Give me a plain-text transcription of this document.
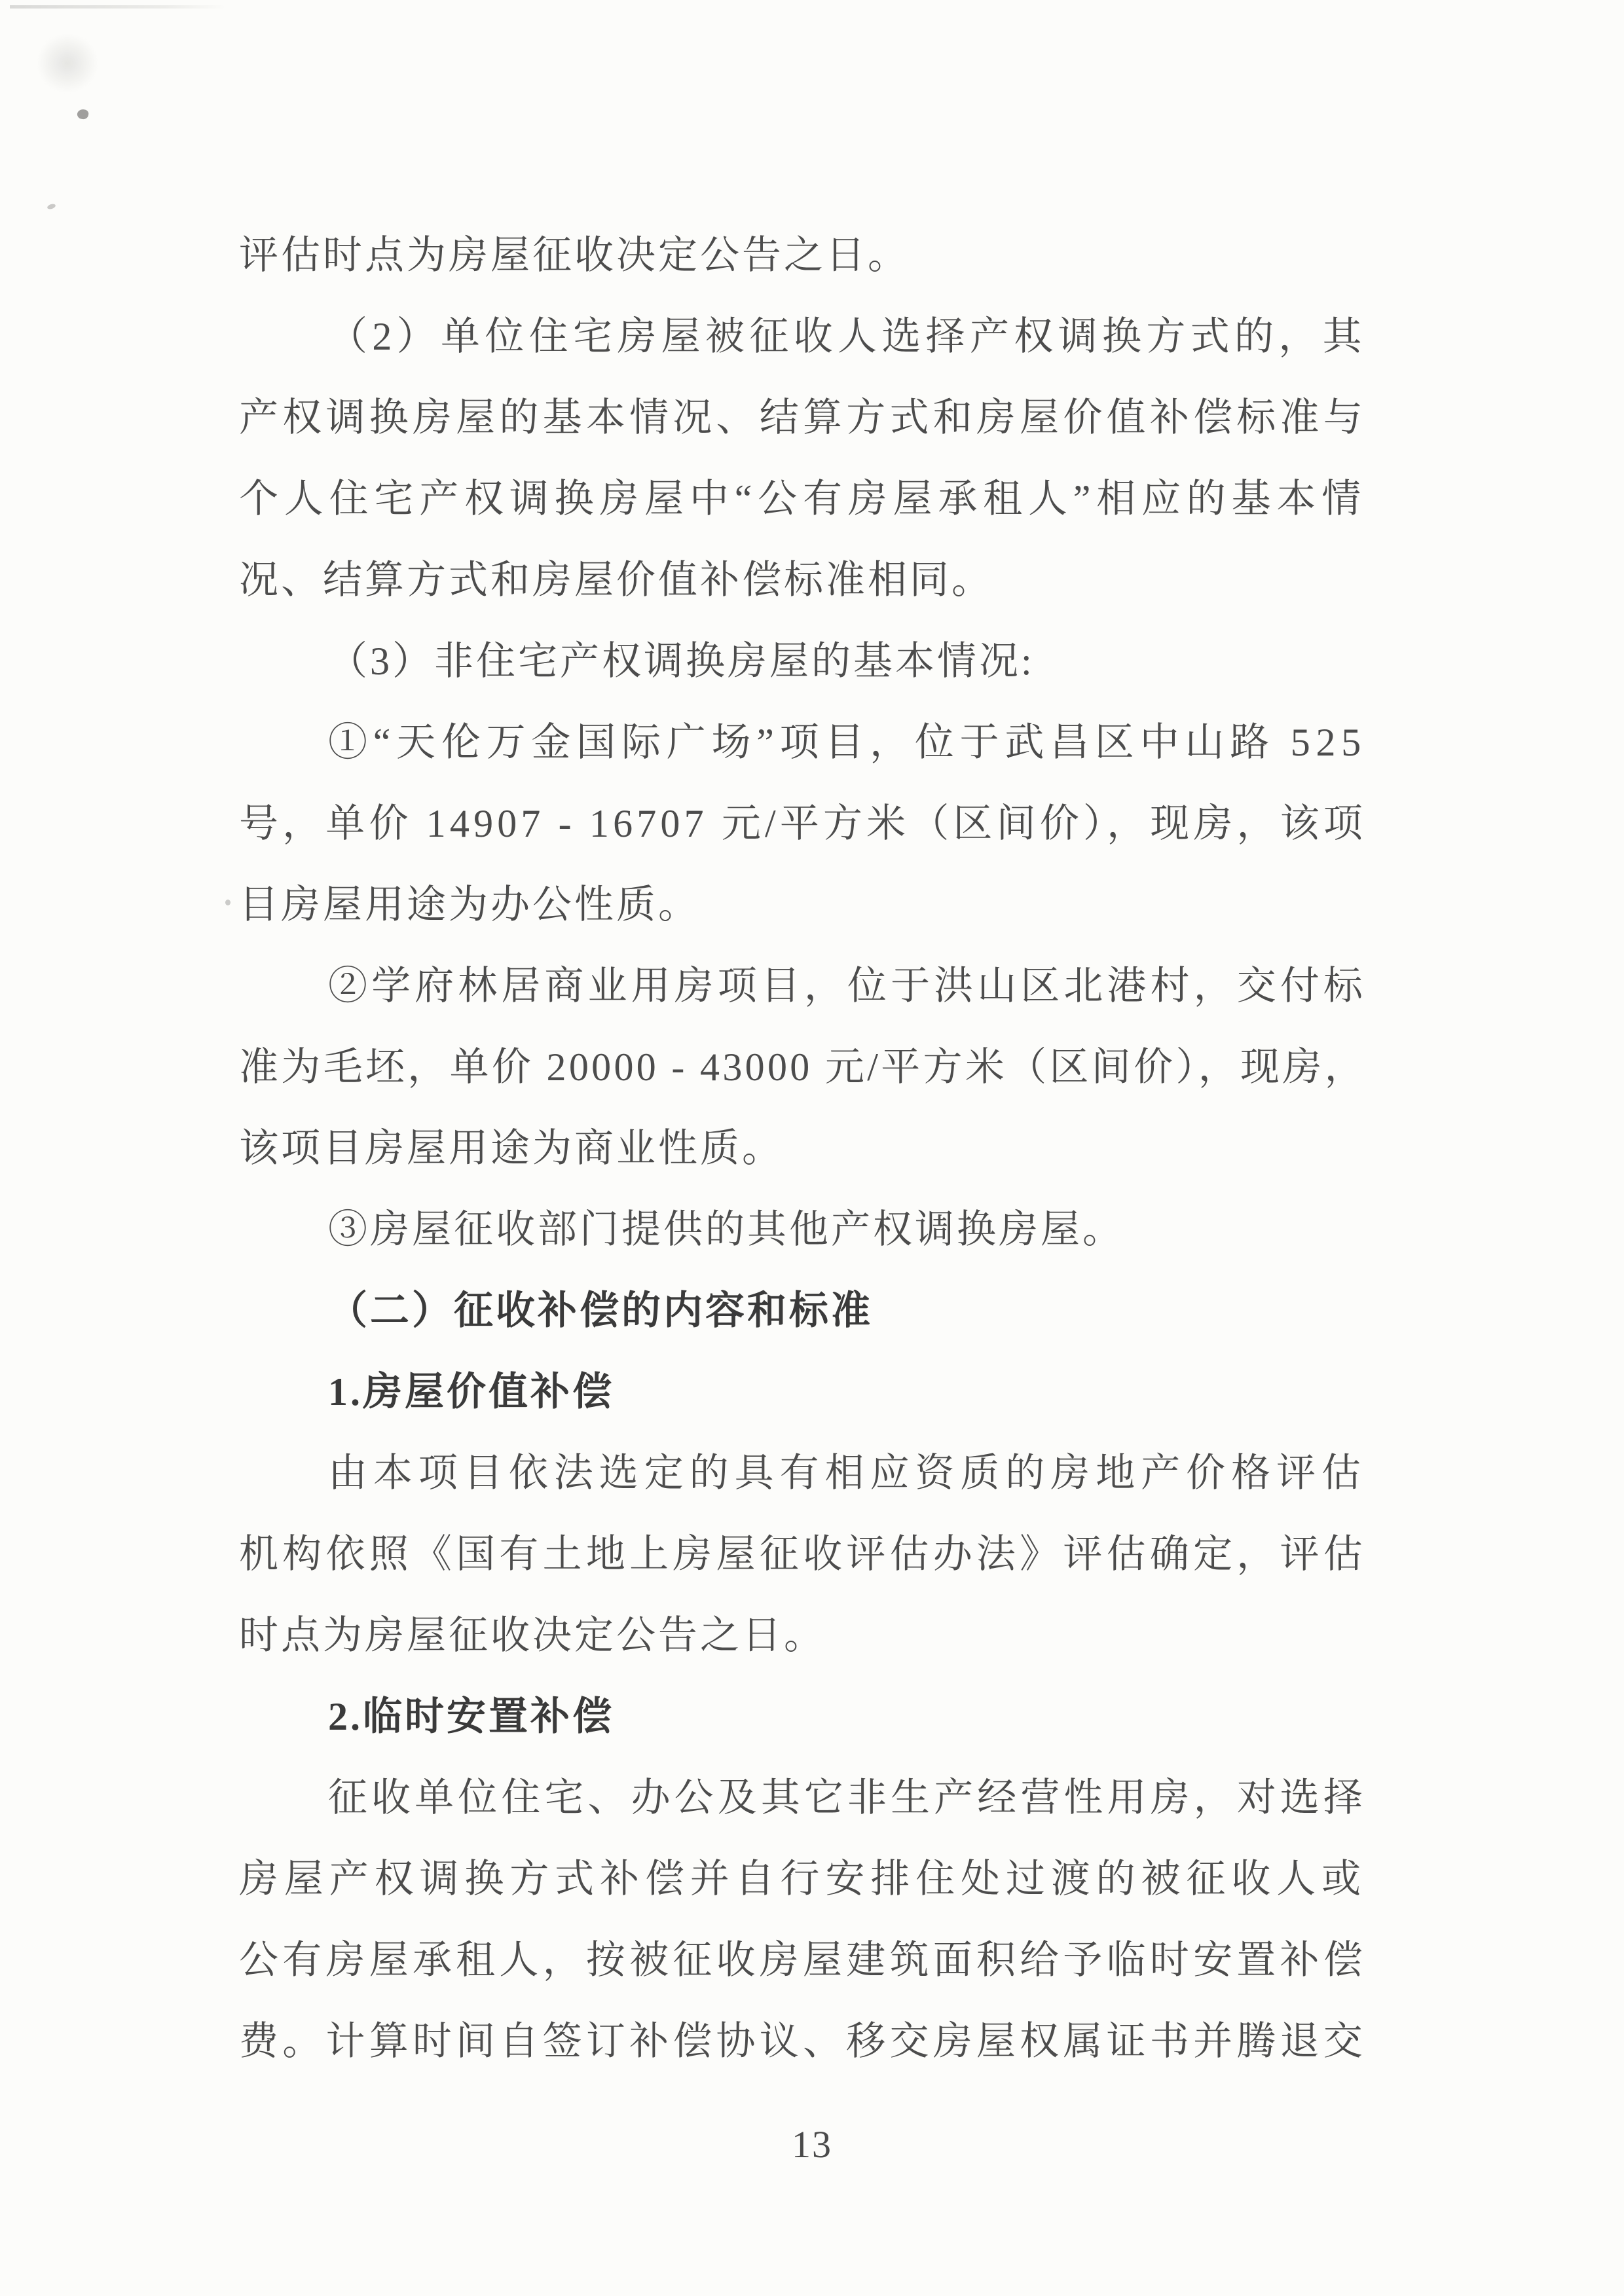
评估时点为房屋征收决定公告之日。
（2）单位住宅房屋被征收人选择产权调换方式的，其
产权调换房屋的基本情况、结算方式和房屋价值补偿标准与
个人住宅产权调换房屋中“公有房屋承租人”相应的基本情
况、结算方式和房屋价值补偿标准相同。
（3）非住宅产权调换房屋的基本情况:
①“天伦万金国际广场”项目，位于武昌区中山路 525
号，单价 14907 - 16707 元/平方米（区间价），现房，该项
目房屋用途为办公性质。
②学府林居商业用房项目，位于洪山区北港村，交付标
准为毛坯，单价 20000 - 43000 元/平方米（区间价），现房，
该项目房屋用途为商业性质。
③房屋征收部门提供的其他产权调换房屋。
（二）征收补偿的内容和标准
1.房屋价值补偿
由本项目依法选定的具有相应资质的房地产价格评估
机构依照《国有土地上房屋征收评估办法》评估确定，评估
时点为房屋征收决定公告之日。
2.临时安置补偿
征收单位住宅、办公及其它非生产经营性用房，对选择
房屋产权调换方式补偿并自行安排住处过渡的被征收人或
公有房屋承租人，按被征收房屋建筑面积给予临时安置补偿
费。计算时间自签订补偿协议、移交房屋权属证书并腾退交
13
